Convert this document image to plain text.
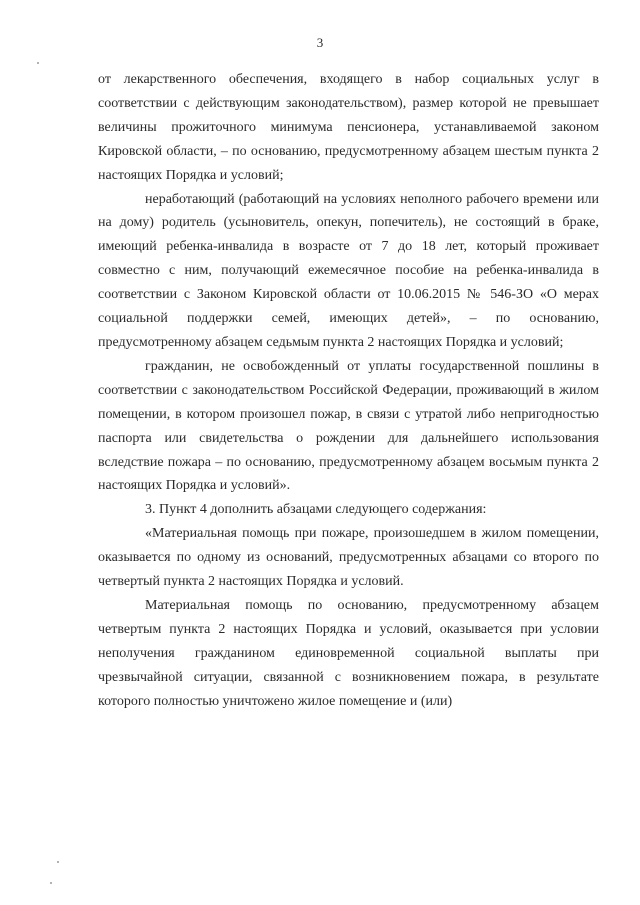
3

от лекарственного обеспечения, входящего в набор социальных услуг в соответствии с действующим законодательством), размер которой не превышает величины прожиточного минимума пенсионера, устанавливаемой законом Кировской области, – по основанию, предусмотренному абзацем шестым пункта 2 настоящих Порядка и условий;

неработающий (работающий на условиях неполного рабочего времени или на дому) родитель (усыновитель, опекун, попечитель), не состоящий в браке, имеющий ребенка-инвалида в возрасте от 7 до 18 лет, который проживает совместно с ним, получающий ежемесячное пособие на ребенка-инвалида в соответствии с Законом Кировской области от 10.06.2015 № 546-ЗО «О мерах социальной поддержки семей, имеющих детей», – по основанию, предусмотренному абзацем седьмым пункта 2 настоящих Порядка и условий;

гражданин, не освобожденный от уплаты государственной пошлины в соответствии с законодательством Российской Федерации, проживающий в жилом помещении, в котором произошел пожар, в связи с утратой либо непригодностью паспорта или свидетельства о рождении для дальнейшего использования вследствие пожара – по основанию, предусмотренному абзацем восьмым пункта 2 настоящих Порядка и условий».

3. Пункт 4 дополнить абзацами следующего содержания:

«Материальная помощь при пожаре, произошедшем в жилом помещении, оказывается по одному из оснований, предусмотренных абзацами со второго по четвертый пункта 2 настоящих Порядка и условий.

Материальная помощь по основанию, предусмотренному абзацем четвертым пункта 2 настоящих Порядка и условий, оказывается при условии неполучения гражданином единовременной социальной выплаты при чрезвычайной ситуации, связанной с возникновением пожара, в результате которого полностью уничтожено жилое помещение и (или)
